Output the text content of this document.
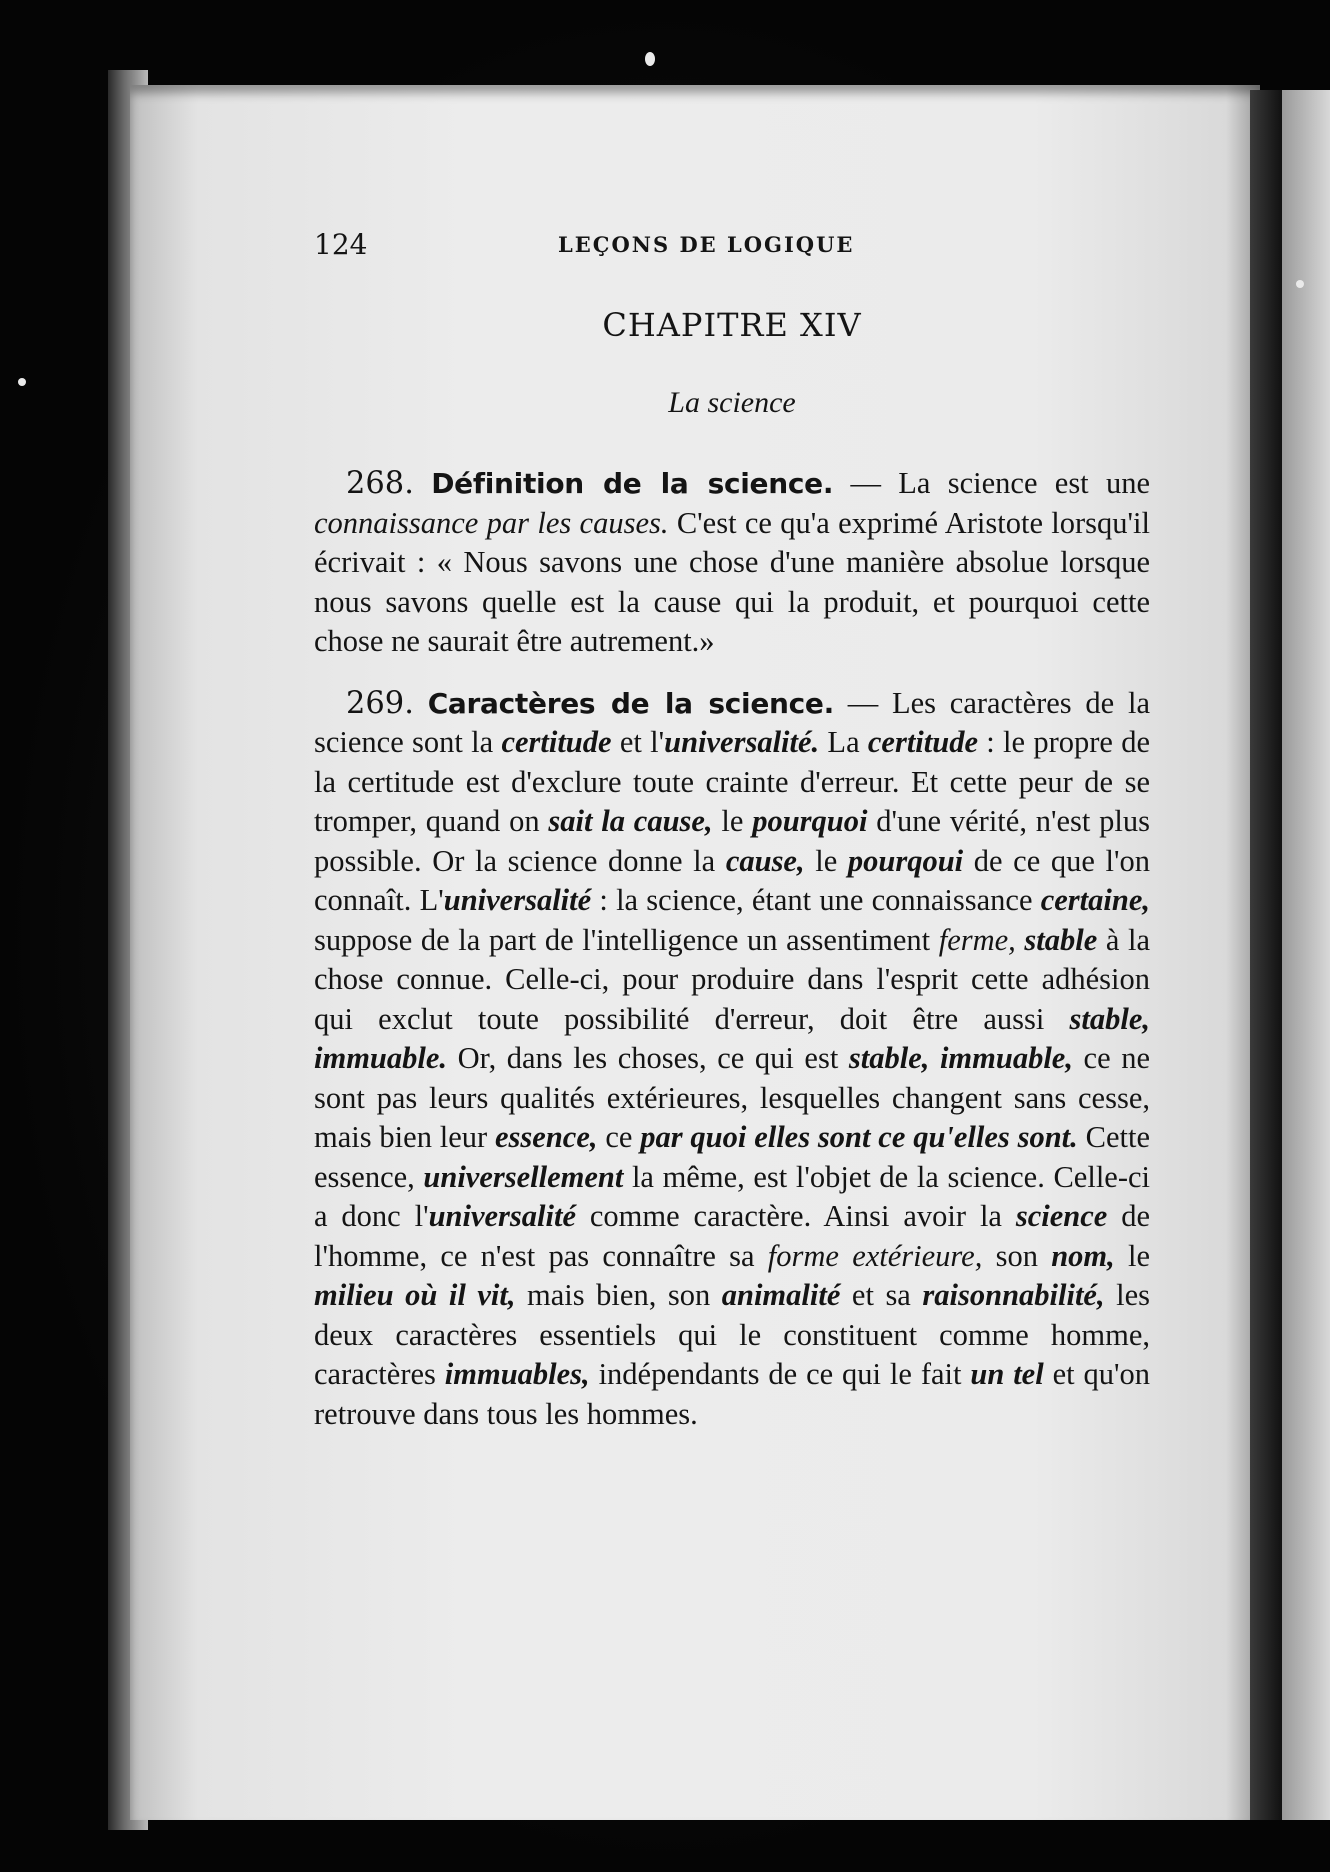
124	LEÇONS DE LOGIQUE
CHAPITRE XIV
La science

268. Définition de la science. — La science est une connaissance par les causes. C'est ce qu'a exprimé Aristote lorsqu'il écrivait : « Nous savons une chose d'une manière absolue lorsque nous savons quelle est la cause qui la produit, et pourquoi cette chose ne saurait être autrement.»

269. Caractères de la science. — Les caractères de la science sont la certitude et l'universalité. La certitude : le propre de la certitude est d'exclure toute crainte d'erreur. Et cette peur de se tromper, quand on sait la cause, le pourquoi d'une vérité, n'est plus possible. Or la science donne la cause, le pourqoui de ce que l'on connaît. L'universalité : la science, étant une connaissance certaine, suppose de la part de l'intelligence un assentiment ferme, stable à la chose connue. Celle-ci, pour produire dans l'esprit cette adhésion qui exclut toute possibilité d'erreur, doit être aussi stable, immuable. Or, dans les choses, ce qui est stable, immuable, ce ne sont pas leurs qualités extérieures, lesquelles changent sans cesse, mais bien leur essence, ce par quoi elles sont ce qu'elles sont. Cette essence, universellement la même, est l'objet de la science. Celle-ci a donc l'universalité comme caractère. Ainsi avoir la science de l'homme, ce n'est pas connaître sa forme extérieure, son nom, le milieu où il vit, mais bien, son animalité et sa raisonnabilité, les deux caractères essentiels qui le constituent comme homme, caractères immuables, indépendants de ce qui le fait un tel et qu'on retrouve dans tous les hommes.
